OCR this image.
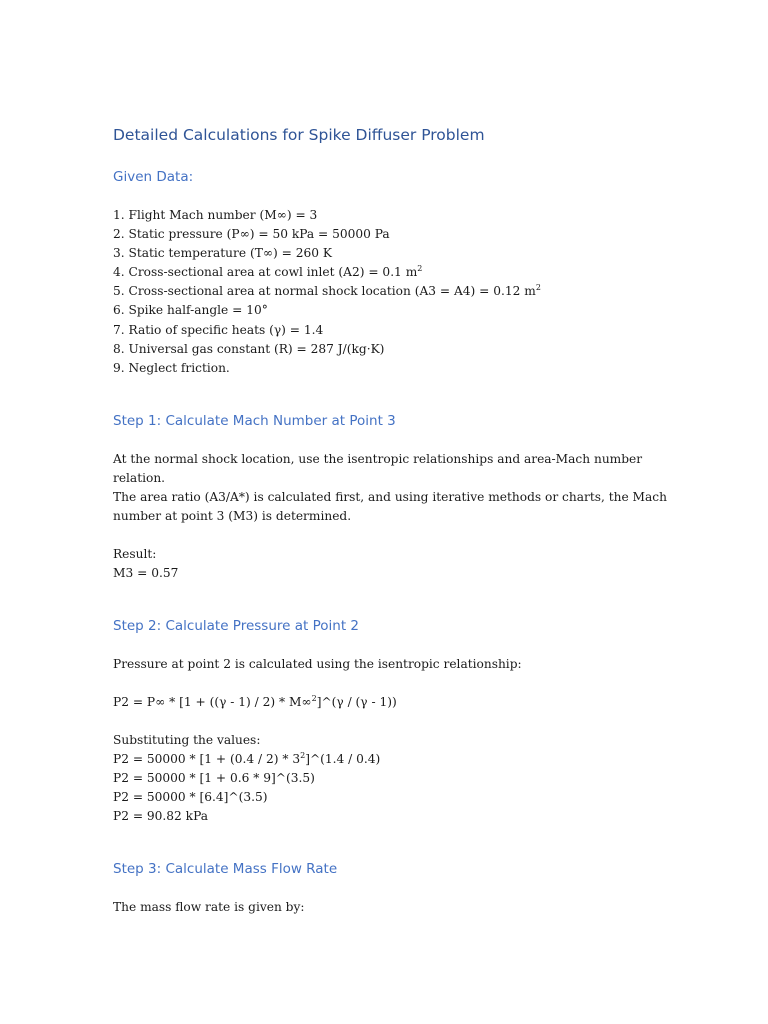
Detailed Calculations for Spike Diffuser Problem
Given Data:

1. Flight Mach number (M∞) = 3

2. Static pressure (P∞) = 50 kPa = 50000 Pa

3. Static temperature (T∞) = 260 K

4. Cross-sectional area at cowl inlet (A2) = 0.1 $m^2$

5. Cross-sectional area at normal shock location (A3 = A4) = 0.12 $m^2$

6. Spike half-angle = 10°

7. Ratio of specific heats (γ) = 1.4

8. Universal gas constant (R) = 287 J/(kg·K)

9. Neglect friction.

Step 1: Calculate Mach Number at Point 3

At the normal shock location, use the isentropic relationships and area-Mach number relation.

The area ratio (A3/A*) is calculated first, and using iterative methods or charts, the Mach number at point 3 (M3) is determined.

Result:

M3 = 0.57

Step 2: Calculate Pressure at Point 2

Pressure at point 2 is calculated using the isentropic relationship:

P2 = P∞ * [1 + ((γ - 1) / 2) * M∞$^2$]^(γ / (γ - 1))

Substituting the values:

$P2 = 50000 * [1 + (0.4 / 2) * 3^2]\^{}(1.4 / 0.4)$

P2 = 50000 * [1 + 0.6 * 9]^(3.5)

P2 = 50000 * [6.4]^(3.5)

P2 = 90.82 kPa

Step 3: Calculate Mass Flow Rate

The mass flow rate is given by:
